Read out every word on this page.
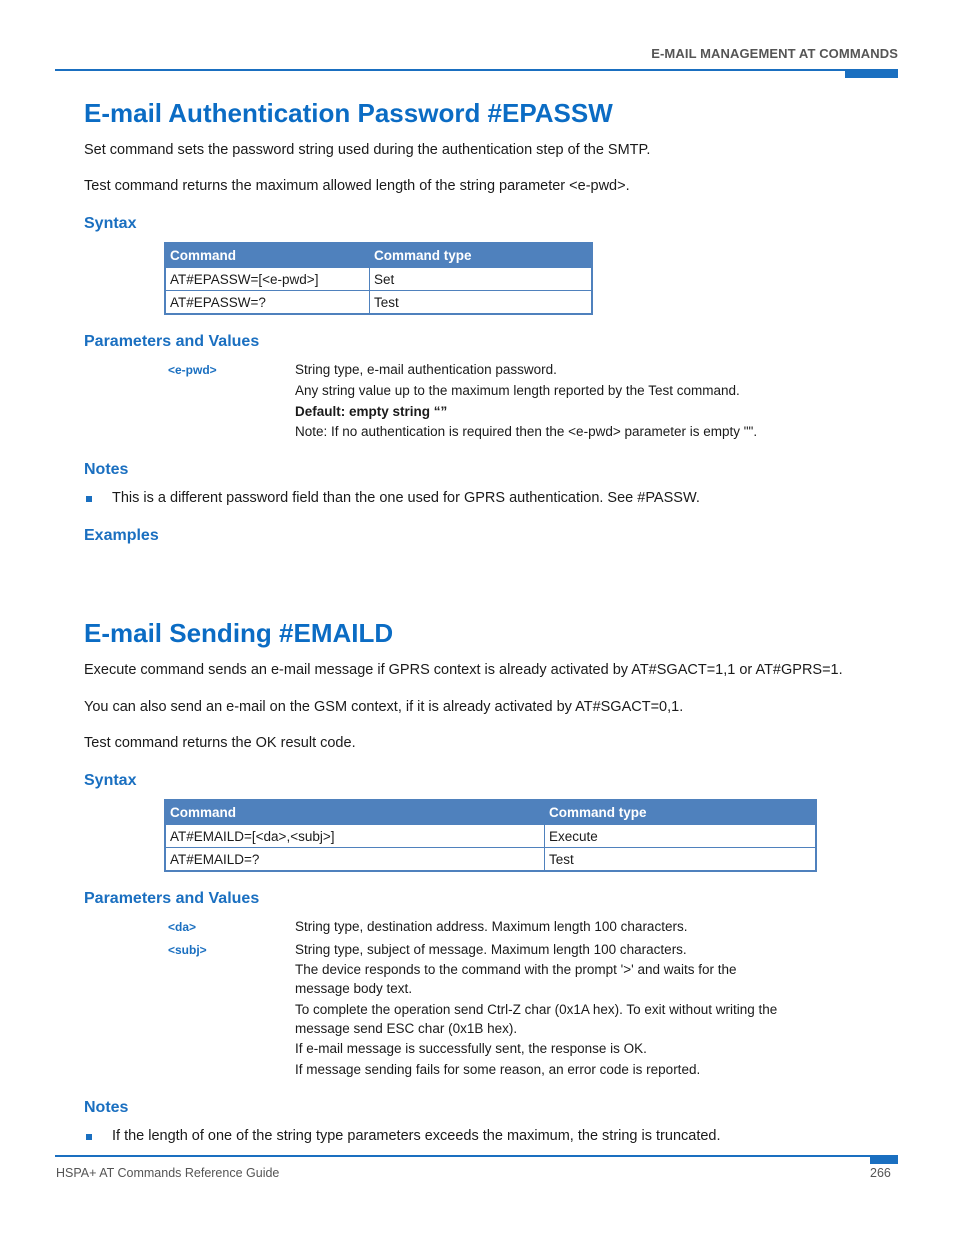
E-MAIL MANAGEMENT AT COMMANDS
E-mail Authentication Password #EPASSW

Set command sets the password string used during the authentication step of the SMTP.

Test command returns the maximum allowed length of the string parameter <e-pwd>.

Syntax
Command	Command type
AT#EPASSW=[<e-pwd>]	Set
AT#EPASSW=?	Test
Parameters and Values
<e-pwd>	String type, e-mail authentication password.
Any string value up to the maximum length reported by the Test command.
Default: empty string “”
Note: If no authentication is required then the <e-pwd> parameter is empty "".
Notes
This is a different password field than the one used for GPRS authentication. See #PASSW.
Examples
E-mail Sending #EMAILD

Execute command sends an e-mail message if GPRS context is already activated by AT#SGACT=1,1 or AT#GPRS=1.

You can also send an e-mail on the GSM context, if it is already activated by AT#SGACT=0,1.

Test command returns the OK result code.

Syntax
Command	Command type
AT#EMAILD=[<da>,<subj>]	Execute
AT#EMAILD=?	Test
Parameters and Values
<da>	String type, destination address. Maximum length 100 characters.
<subj>	String type, subject of message. Maximum length 100 characters.
The device responds to the command with the prompt '>' and waits for the
message body text.
To complete the operation send Ctrl-Z char (0x1A hex). To exit without writing the
message send ESC char (0x1B hex).
If e-mail message is successfully sent, the response is OK.
If message sending fails for some reason, an error code is reported.
Notes
If the length of one of the string type parameters exceeds the maximum, the string is truncated.
HSPA+ AT Commands Reference Guide	266
